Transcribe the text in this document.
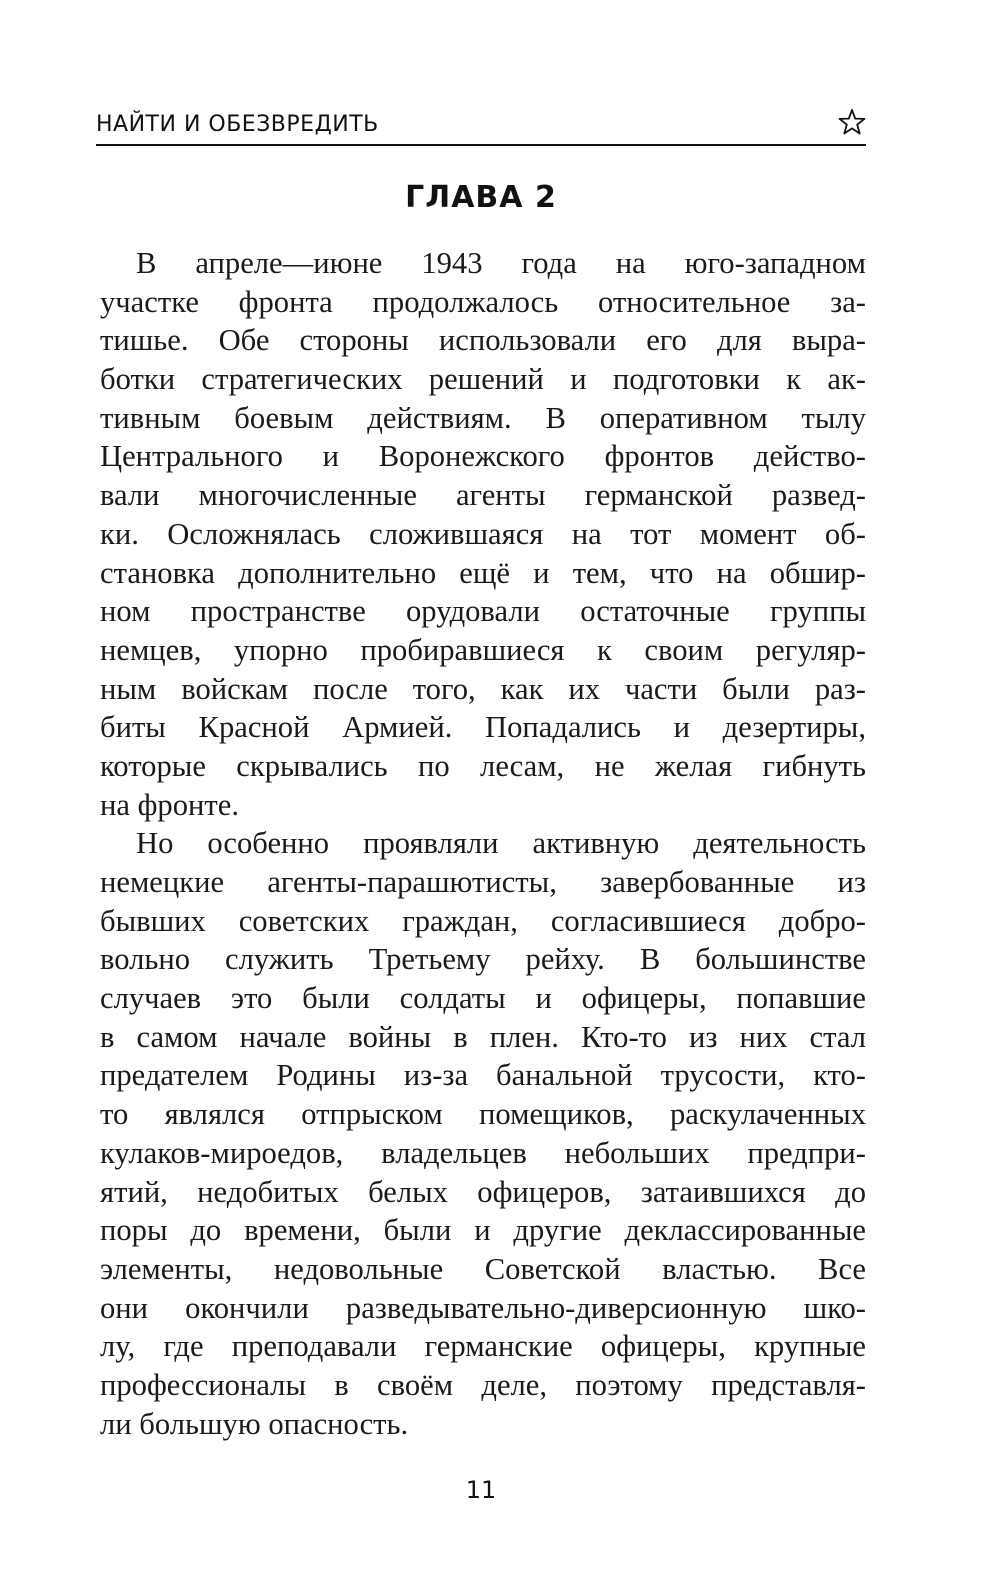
НАЙТИ И ОБЕЗВРЕДИТЬ
ГЛАВА 2
В апреле—июне 1943 года на юго-западном
участке фронта продолжалось относительное за-
тишье. Обе стороны использовали его для выра-
ботки стратегических решений и подготовки к ак-
тивным боевым действиям. В оперативном тылу
Центрального и Воронежского фронтов действо-
вали многочисленные агенты германской развед-
ки. Осложнялась сложившаяся на тот момент об-
становка дополнительно ещё и тем, что на обшир-
ном пространстве орудовали остаточные группы
немцев, упорно пробиравшиеся к своим регуляр-
ным войскам после того, как их части были раз-
биты Красной Армией. Попадались и дезертиры,
которые скрывались по лесам, не желая гибнуть
на фронте.
Но особенно проявляли активную деятельность
немецкие агенты-парашютисты, завербованные из
бывших советских граждан, согласившиеся добро-
вольно служить Третьему рейху. В большинстве
случаев это были солдаты и офицеры, попавшие
в самом начале войны в плен. Кто-то из них стал
предателем Родины из-за банальной трусости, кто-
то являлся отпрыском помещиков, раскулаченных
кулаков-мироедов, владельцев небольших предпри-
ятий, недобитых белых офицеров, затаившихся до
поры до времени, были и другие деклассированные
элементы, недовольные Советской властью. Все
они окончили разведывательно-диверсионную шко-
лу, где преподавали германские офицеры, крупные
профессионалы в своём деле, поэтому представля-
ли большую опасность.
11
